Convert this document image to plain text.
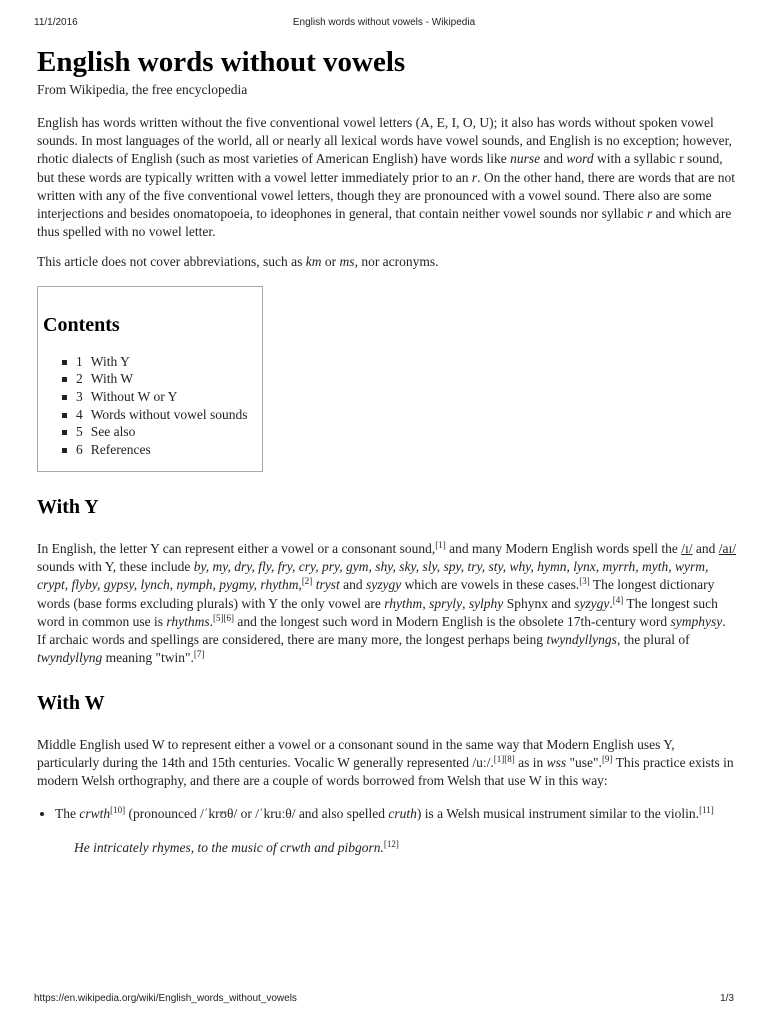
11/1/2016	English words without vowels - Wikipedia
English words without vowels
From Wikipedia, the free encyclopedia

English has words written without the five conventional vowel letters (A, E, I, O, U); it also has words without spoken vowel sounds. In most languages of the world, all or nearly all lexical words have vowel sounds, and English is no exception; however, rhotic dialects of English (such as most varieties of American English) have words like nurse and word with a syllabic r sound, but these words are typically written with a vowel letter immediately prior to an r. On the other hand, there are words that are not written with any of the five conventional vowel letters, though they are pronounced with a vowel sound. There also are some interjections and besides onomatopoeia, to ideophones in general, that contain neither vowel sounds nor syllabic r and which are thus spelled with no vowel letter.

This article does not cover abbreviations, such as km or ms, nor acronyms.

Contents
1 With Y
2 With W
3 Without W or Y
4 Words without vowel sounds
5 See also
6 References
With Y

In English, the letter Y can represent either a vowel or a consonant sound,[1] and many Modern English words spell the /ɪ/ and /aɪ/ sounds with Y, these include by, my, dry, fly, fry, cry, pry, gym, shy, sky, sly, spy, try, sty, why, hymn, lynx, myrrh, myth, wyrm, crypt, flyby, gypsy, lynch, nymph, pygmy, rhythm,[2] tryst and syzygy which are vowels in these cases.[3] The longest dictionary words (base forms excluding plurals) with Y the only vowel are rhythm, spryly, sylphy Sphynx and syzygy.[4] The longest such word in common use is rhythms.[5][6] and the longest such word in Modern English is the obsolete 17th-century word symphysy. If archaic words and spellings are considered, there are many more, the longest perhaps being twyndyllyngs, the plural of twyndyllyng meaning "twin".[7]

With W

Middle English used W to represent either a vowel or a consonant sound in the same way that Modern English uses Y, particularly during the 14th and 15th centuries. Vocalic W generally represented /uː/.[1][8] as in wss "use".[9] This practice exists in modern Welsh orthography, and there are a couple of words borrowed from Welsh that use W in this way:

• The crwth[10] (pronounced /ˈkrʊθ/ or /ˈkruːθ/ and also spelled cruth) is a Welsh musical instrument similar to the violin.[11]
He intricately rhymes, to the music of crwth and pibgorn.[12]
https://en.wikipedia.org/wiki/English_words_without_vowels	1/3
